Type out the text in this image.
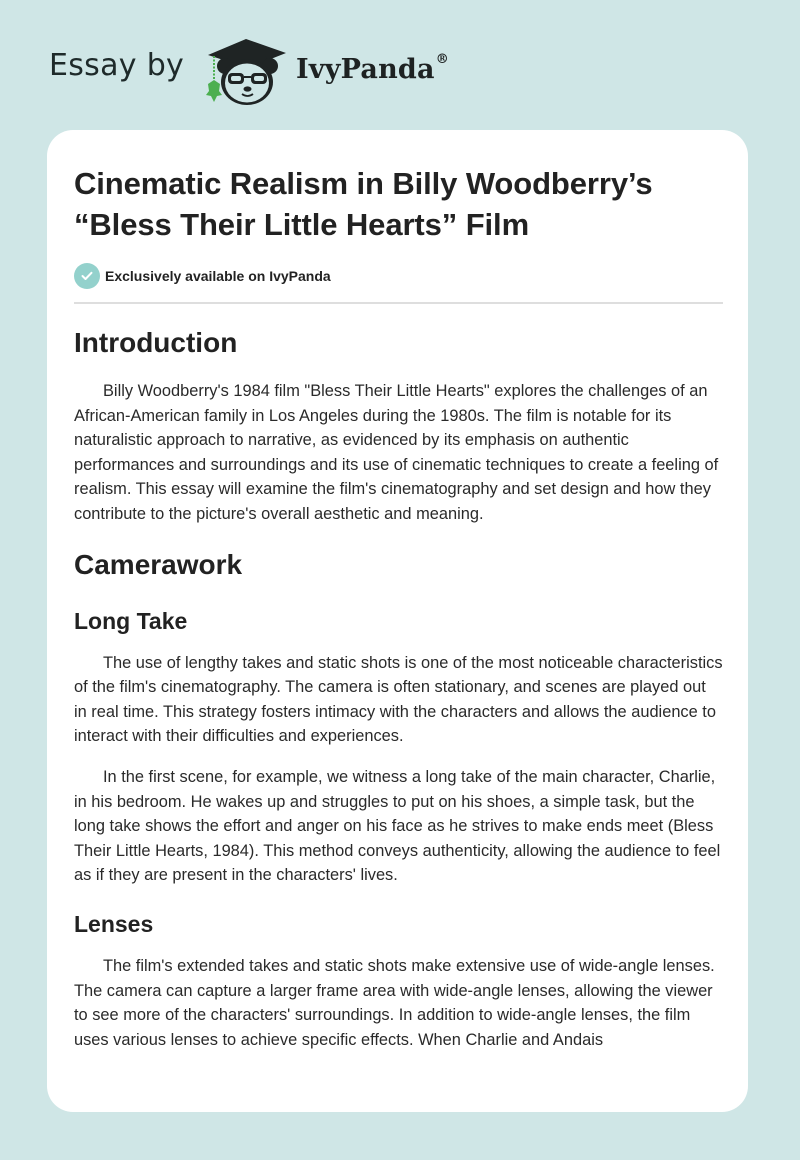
Essay by	IvyPanda®
Cinematic Realism in Billy Woodberry’s “Bless Their Little Hearts” Film
Exclusively available on IvyPanda
Introduction

Billy Woodberry's 1984 film "Bless Their Little Hearts" explores the challenges of an African-American family in Los Angeles during the 1980s. The film is notable for its naturalistic approach to narrative, as evidenced by its emphasis on authentic performances and surroundings and its use of cinematic techniques to create a feeling of realism. This essay will examine the film's cinematography and set design and how they contribute to the picture's overall aesthetic and meaning.

Camerawork
Long Take

The use of lengthy takes and static shots is one of the most noticeable characteristics of the film's cinematography. The camera is often stationary, and scenes are played out in real time. This strategy fosters intimacy with the characters and allows the audience to interact with their difficulties and experiences.

In the first scene, for example, we witness a long take of the main character, Charlie, in his bedroom. He wakes up and struggles to put on his shoes, a simple task, but the long take shows the effort and anger on his face as he strives to make ends meet (Bless Their Little Hearts, 1984). This method conveys authenticity, allowing the audience to feel as if they are present in the characters' lives.

Lenses

The film's extended takes and static shots make extensive use of wide-angle lenses. The camera can capture a larger frame area with wide-angle lenses, allowing the viewer to see more of the characters' surroundings. In addition to wide-angle lenses, the film uses various lenses to achieve specific effects. When Charlie and Andais
